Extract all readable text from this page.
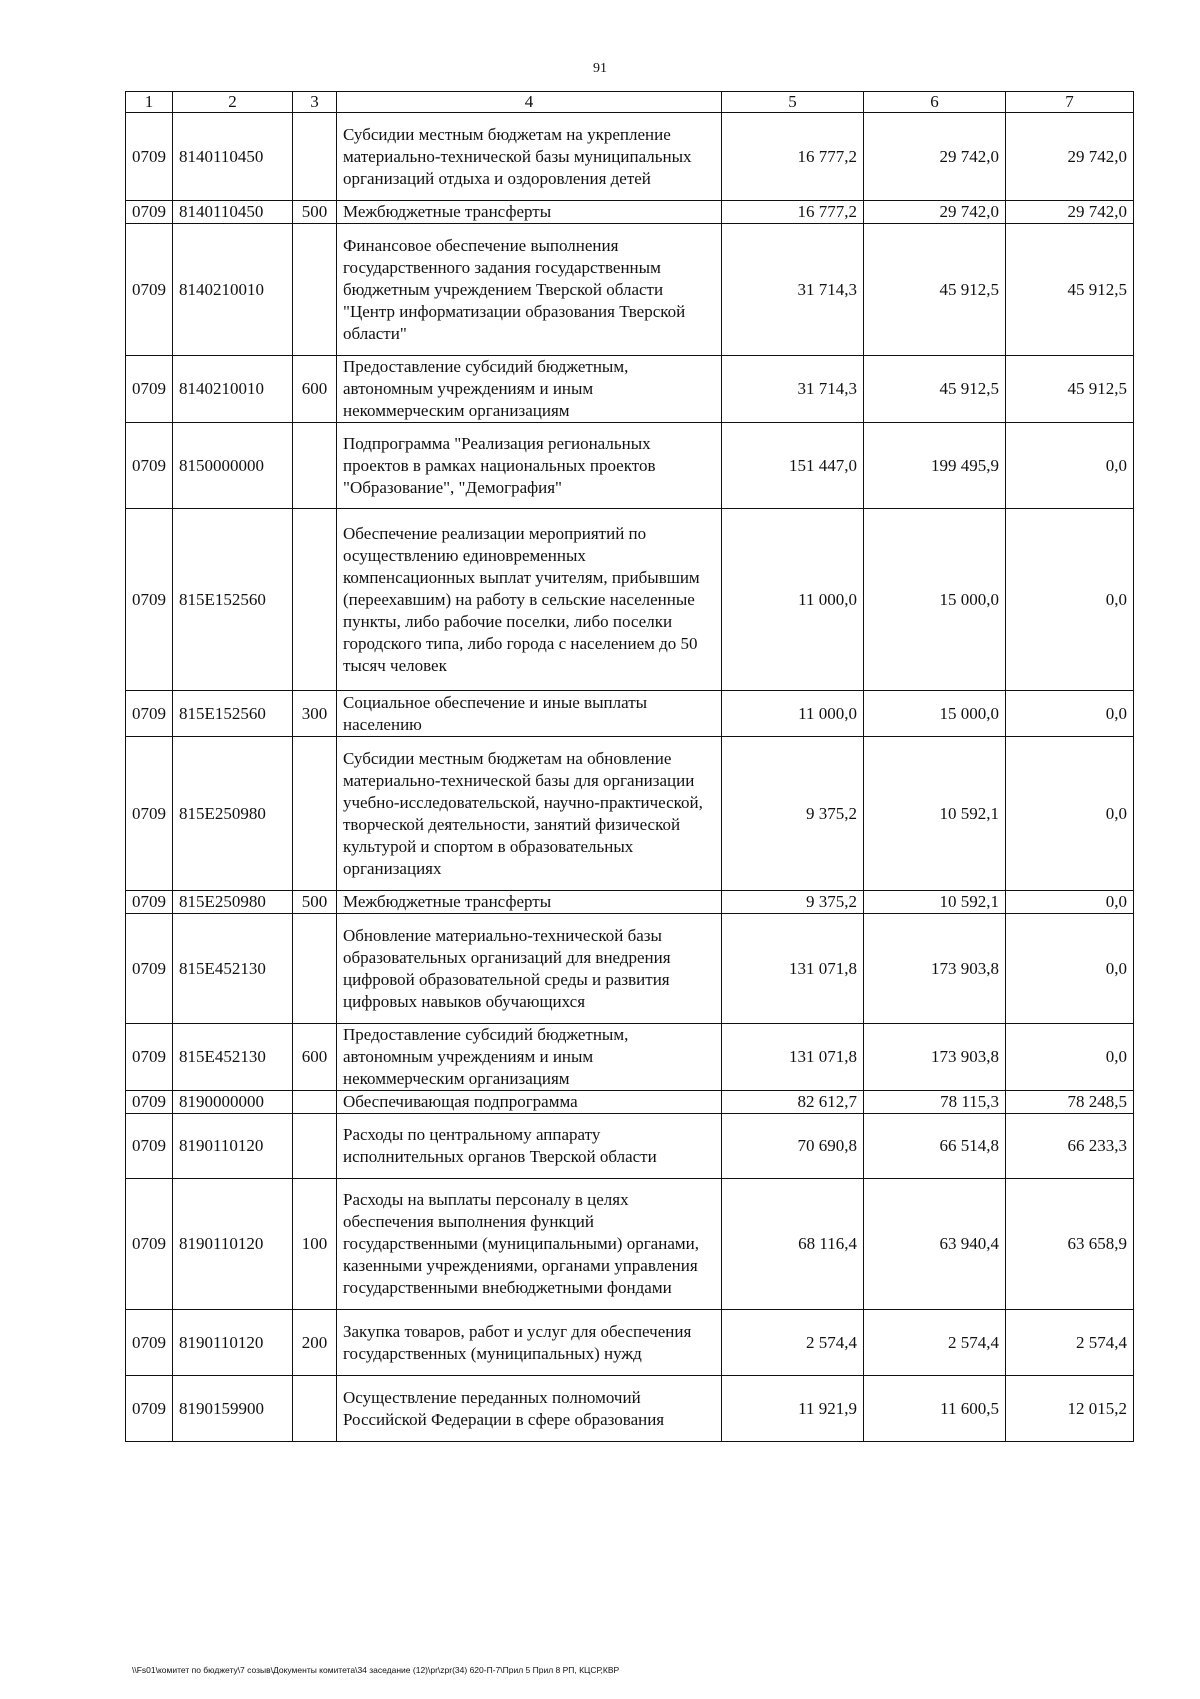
91
1	2	3	4	5	6	7
0709	8140110450		Субсидии местным бюджетам на укрепление материально-технической базы муниципальных организаций отдыха и оздоровления детей	16 777,2	29 742,0	29 742,0
0709	8140110450	500	Межбюджетные трансферты	16 777,2	29 742,0	29 742,0
0709	8140210010		Финансовое обеспечение выполнения государственного задания государственным бюджетным учреждением Тверской области "Центр информатизации образования Тверской области"	31 714,3	45 912,5	45 912,5
0709	8140210010	600	Предоставление субсидий бюджетным, автономным учреждениям и иным некоммерческим организациям	31 714,3	45 912,5	45 912,5
0709	8150000000		Подпрограмма "Реализация региональных проектов в рамках национальных проектов "Образование", "Демография"	151 447,0	199 495,9	0,0
0709	815E152560		Обеспечение реализации мероприятий по осуществлению единовременных компенсационных выплат учителям, прибывшим (переехавшим) на работу в сельские населенные пункты, либо рабочие поселки, либо поселки городского типа, либо города с населением до 50 тысяч человек	11 000,0	15 000,0	0,0
0709	815E152560	300	Социальное обеспечение и иные выплаты населению	11 000,0	15 000,0	0,0
0709	815E250980		Субсидии местным бюджетам на обновление материально-технической базы для организации учебно-исследовательской, научно-практической, творческой деятельности, занятий физической культурой и спортом в образовательных организациях	9 375,2	10 592,1	0,0
0709	815E250980	500	Межбюджетные трансферты	9 375,2	10 592,1	0,0
0709	815E452130		Обновление материально-технической базы образовательных организаций для внедрения цифровой образовательной среды и развития цифровых навыков обучающихся	131 071,8	173 903,8	0,0
0709	815E452130	600	Предоставление субсидий бюджетным, автономным учреждениям и иным некоммерческим организациям	131 071,8	173 903,8	0,0
0709	8190000000		Обеспечивающая подпрограмма	82 612,7	78 115,3	78 248,5
0709	8190110120		Расходы по центральному аппарату исполнительных органов Тверской области	70 690,8	66 514,8	66 233,3
0709	8190110120	100	Расходы на выплаты персоналу в целях обеспечения выполнения функций государственными (муниципальными) органами, казенными учреждениями, органами управления государственными внебюджетными фондами	68 116,4	63 940,4	63 658,9
0709	8190110120	200	Закупка товаров, работ и услуг для обеспечения государственных (муниципальных) нужд	2 574,4	2 574,4	2 574,4
0709	8190159900		Осуществление переданных полномочий Российской Федерации в сфере образования	11 921,9	11 600,5	12 015,2
\\Fs01\комитет по бюджету\7 созыв\Документы комитета\34 заседание (12)\pr\zpr(34) 620-П-7\Прил 5 Прил 8 РП, КЦСР,КВР
